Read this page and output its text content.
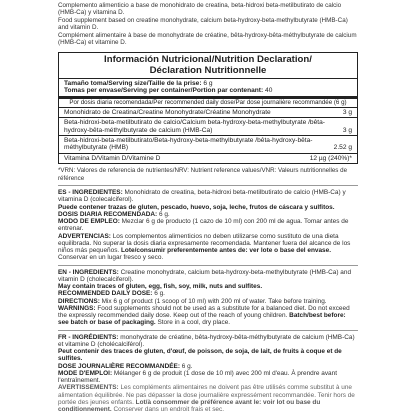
Complemento alimenticio a base de monohidrato de creatina, beta-hidroxi beta-metilbutirato de calcio (HMB-Ca) y vitamina D.

Food supplement based on creatine monohydrate, calcium beta-hydroxy-beta-methylbutyrate (HMB-Ca) and vitamin D.

Complément alimentaire à base de monohydrate de créatine, bêta-hydroxy-bêta-méthylbutyrate de calcium (HMB-Ca) et vitamine D.

Información Nutricional/Nutrition Declaration/
Déclaration Nutritionnelle
Tamaño toma/Serving size/Taille de la prise: 6 g
Tomas per envase/Serving per container/Portion par contenant: 40
Por dosis diaria recomendada/Per recommended daily dose/Par dose journalière recommandée (6 g)
Monohidrato de Creatina/Creatine Monohydrate/Créatine Monohydrate	3 g
Beta-hidroxi-beta-metilbutirato de calcio/Calcium beta-hydroxy-beta-methylbutyrate /bêta-hydroxy-bêta-méthylbutyrate de calcium (HMB-Ca)	3 g
Beta-hidroxi-beta-metilbutirato/Beta-hydroxy-beta-methylbutyrate /bêta-hydroxy-bêta-méthylbutyrate (HMB)	2.52 g
Vitamina D/Vitamin D/Vitamine D	12 µg (240%)*
*VRN: Valores de referencia de nutrientes/NRV: Nutrient reference values/VNR: Valeurs nutritionnelles de référence

ES - INGREDIENTES: Monohidrato de creatina, beta-hidroxi beta-metilbutirato de calcio (HMB-Ca) y vitamina D (colecalciferol).

Puede contener trazas de gluten, pescado, huevo, soja, leche, frutos de cáscara y sulfitos.

DOSIS DIARIA RECOMENDADA: 6 g.

MODO DE EMPLEO: Mezclar 6 g de producto (1 cazo de 10 ml) con 200 ml de agua. Tomar antes de entrenar.

ADVERTENCIAS: Los complementos alimenticios no deben utilizarse como sustituto de una dieta equilibrada. No superar la dosis diaria expresamente recomendada. Mantener fuera del alcance de los niños más pequeños. Lote/consumir preferentemente antes de: ver lote o base del envase. Conservar en un lugar fresco y seco.

EN - INGREDIENTS: Creatine monohydrate, calcium beta-hydroxy-beta-methylbutyrate (HMB-Ca) and vitamin D (cholecalciferol).

May contain traces of gluten, egg, fish, soy, milk, nuts and sulfites.

RECOMMENDED DAILY DOSE: 6 g.

DIRECTIONS: Mix 6 g of product (1 scoop of 10 ml) with 200 ml of water. Take before training.

WARNINGS: Food supplements should not be used as a substitute for a balanced diet. Do not exceed the expressly recommended daily dose. Keep out of the reach of young children. Batch/best before: see batch or base of packaging. Store in a cool, dry place.

FR - INGRÉDIENTS: monohydrate de créatine, bêta-hydroxy-bêta-méthylbutyrate de calcium (HMB-Ca) et vitamine D (cholécalciférol).

Peut contenir des traces de gluten, d'œuf, de poisson, de soja, de lait, de fruits à coque et de sulfites.

DOSE JOURNALIÈRE RECOMMANDÉE: 6 g.

MODE D'EMPLOI: Mélanger 6 g de produit (1 dose de 10 ml) avec 200 ml d'eau. À prendre avant l'entraînement.

AVERTISSEMENTS: Les compléments alimentaires ne doivent pas être utilisés comme substitut à une alimentation équilibrée. Ne pas dépasser la dose journalière expressément recommandée. Tenir hors de portée des jeunes enfants. Lot/à consommer de préférence avant le: voir lot ou base du conditionnement. Conserver dans un endroit frais et sec.
